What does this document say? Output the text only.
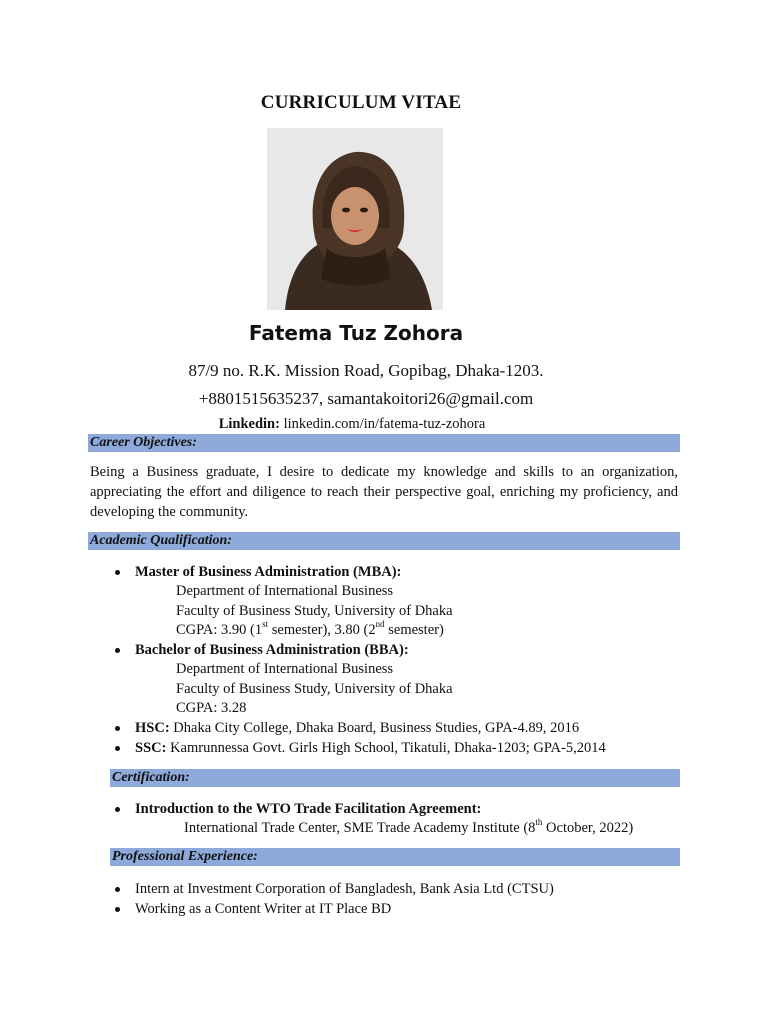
CURRICULUM VITAE
Fatema Tuz Zohora
87/9 no. R.K. Mission Road, Gopibag, Dhaka-1203.
+8801515635237, samantakoitori26@gmail.com
Linkedin: linkedin.com/in/fatema-tuz-zohora
Career Objectives:
Being a Business graduate, I desire to dedicate my knowledge and skills to an organization, appreciating the effort and diligence to reach their perspective goal, enriching my proficiency, and developing the community.
Academic Qualification:
Master of Business Administration (MBA):
Department of International Business
Faculty of Business Study, University of Dhaka
CGPA: 3.90 (1st semester), 3.80 (2nd semester)
Bachelor of Business Administration (BBA):
Department of International Business
Faculty of Business Study, University of Dhaka
CGPA: 3.28
HSC: Dhaka City College, Dhaka Board, Business Studies, GPA-4.89, 2016
SSC: Kamrunnessa Govt. Girls High School, Tikatuli, Dhaka-1203; GPA-5,2014
Certification:
Introduction to the WTO Trade Facilitation Agreement:
International Trade Center, SME Trade Academy Institute (8th October, 2022)
Professional Experience:
Intern at Investment Corporation of Bangladesh, Bank Asia Ltd (CTSU)
Working as a Content Writer at IT Place BD
